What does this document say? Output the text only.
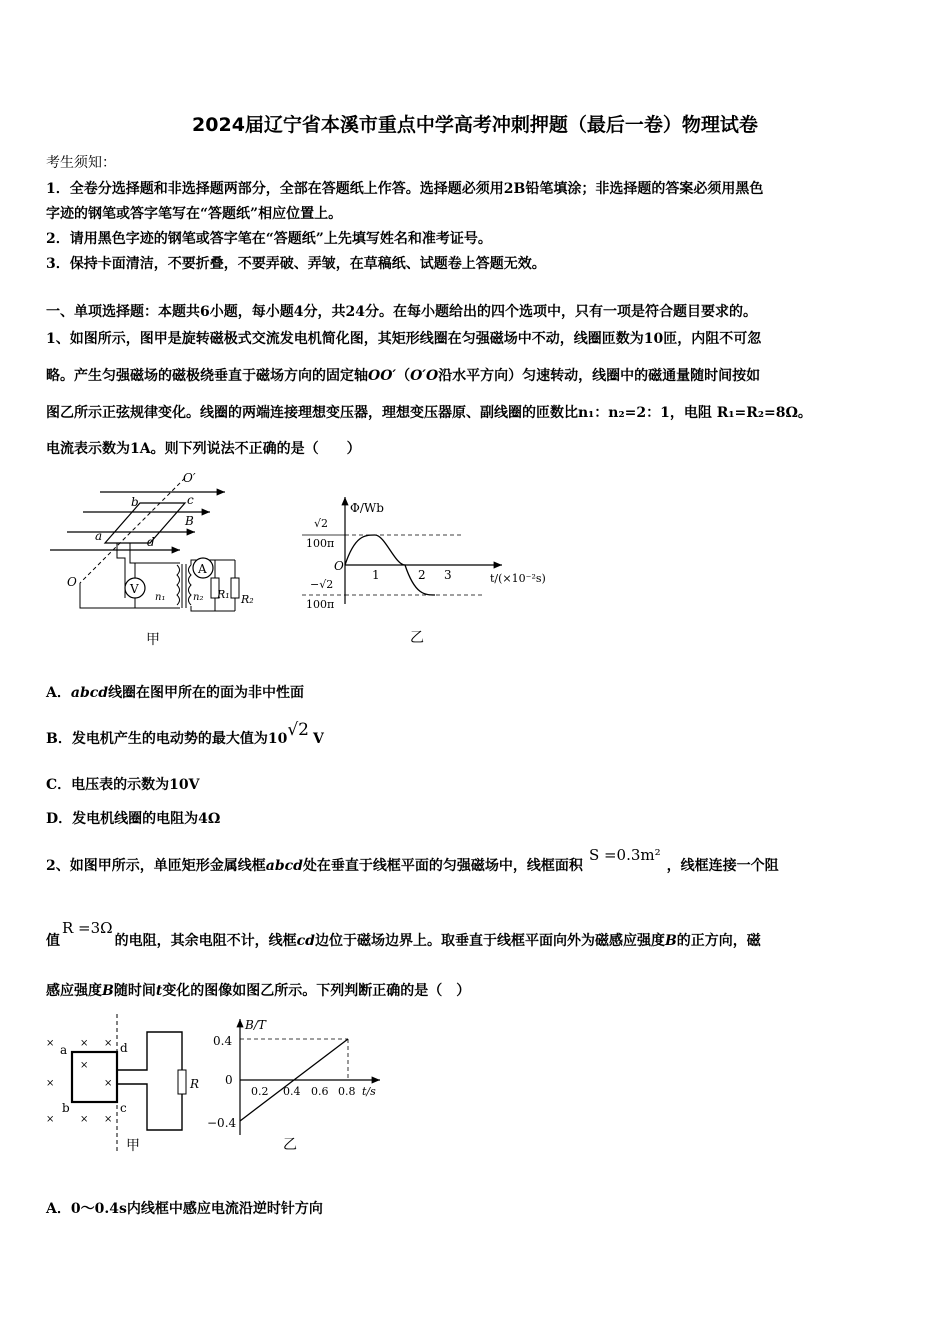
2024届辽宁省本溪市重点中学高考冲刺押题（最后一卷）物理试卷
考生须知：
1．全卷分选择题和非选择题两部分，全部在答题纸上作答。选择题必须用2B铅笔填涂；非选择题的答案必须用黑色
字迹的钢笔或答字笔写在“答题纸”相应位置上。
2．请用黑色字迹的钢笔或答字笔在“答题纸”上先填写姓名和准考证号。
3．保持卡面清洁，不要折叠，不要弄破、弄皱，在草稿纸、试题卷上答题无效。
一、单项选择题：本题共6小题，每小题4分，共24分。在每小题给出的四个选项中，只有一项是符合题目要求的。
1、如图所示，图甲是旋转磁极式交流发电机简化图，其矩形线圈在匀强磁场中不动，线圈匝数为10匝，内阻不可忽
略。产生匀强磁场的磁极绕垂直于磁场方向的固定轴OO′（O′O沿水平方向）匀速转动，线圈中的磁通量随时间按如
图乙所示正弦规律变化。线圈的两端连接理想变压器，理想变压器原、副线圈的匝数比n₁：n₂=2：1，电阻 R₁=R₂=8Ω。
电流表示数为1A。则下列说法不正确的是（　　）
V
n₁	n₂
A
R₁ R₂
O′
O
b	c
a	d
B
甲
Φ/Wb
t/(×10⁻²s)
O
√2
100π
−√2
100π
1	2 3
乙
A．abcd线圈在图甲所在的面为非中性面
B．发电机产生的电动势的最大值为10√2 V
C．电压表的示数为10V
D．发电机线圈的电阻为4Ω
2、如图甲所示，单匝矩形金属线框abcd处在垂直于线框平面的匀强磁场中，线框面积S =0.3m²，线框连接一个阻
值R =3Ω的电阻，其余电阻不计，线框cd边位于磁场边界上。取垂直于线框平面向外为磁感应强度B的正方向，磁
感应强度B随时间t变化的图像如图乙所示。下列判断正确的是（　）
×	× ×
×
×
×
×	× ×
R
a
b	c
d
甲
B/T
t/s
0
0.4
−0.4
0.2 0.4 0.6 0.8
乙
A．0～0.4s内线框中感应电流沿逆时针方向
